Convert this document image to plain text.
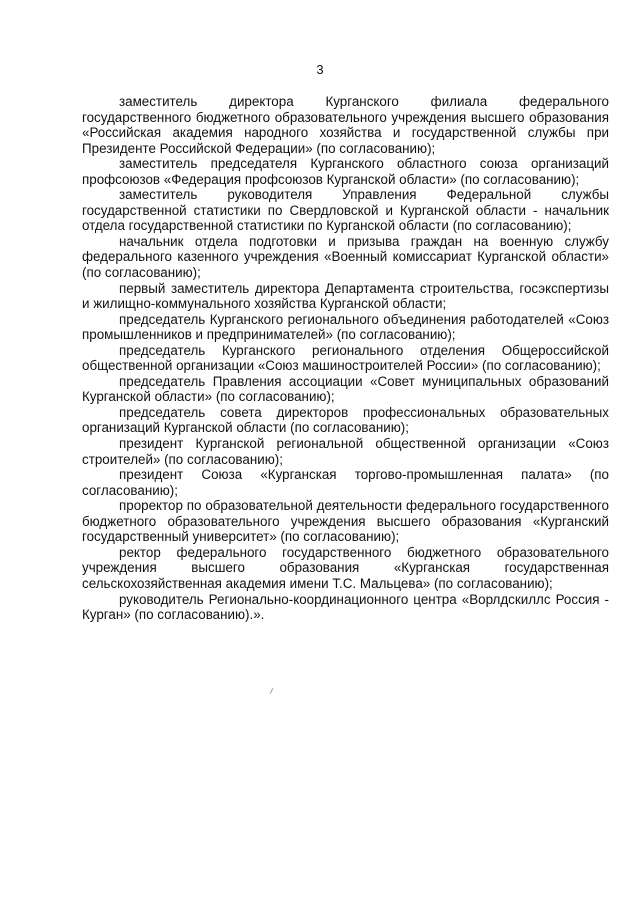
3

заместитель директора Курганского филиала федерального государственного бюджетного образовательного учреждения высшего образования «Российская академия народного хозяйства и государственной службы при Президенте Российской Федерации» (по согласованию);

заместитель председателя Курганского областного союза организаций профсоюзов «Федерация профсоюзов Курганской области» (по согласованию);

заместитель руководителя Управления Федеральной службы государственной статистики по Свердловской и Курганской области - начальник отдела государственной статистики по Курганской области (по согласованию);

начальник отдела подготовки и призыва граждан на военную службу федерального казенного учреждения «Военный комиссариат Курганской области» (по согласованию);

первый заместитель директора Департамента строительства, госэкспертизы и жилищно-коммунального хозяйства Курганской области;

председатель Курганского регионального объединения работодателей «Союз промышленников и предпринимателей» (по согласованию);

председатель Курганского регионального отделения Общероссийской общественной организации «Союз машиностроителей России» (по согласованию);

председатель Правления ассоциации «Совет муниципальных образований Курганской области» (по согласованию);

председатель совета директоров профессиональных образовательных организаций Курганской области (по согласованию);

президент Курганской региональной общественной организации «Союз строителей» (по согласованию);

президент Союза «Курганская торгово-промышленная палата» (по согласованию);

проректор по образовательной деятельности федерального государственного бюджетного образовательного учреждения высшего образования «Курганский государственный университет» (по согласованию);

ректор федерального государственного бюджетного образовательного учреждения высшего образования «Курганская государственная сельскохозяйственная академия имени Т.С. Мальцева» (по согласованию);

руководитель Регионально-координационного центра «Ворлдскиллс Россия - Курган» (по согласованию).».
